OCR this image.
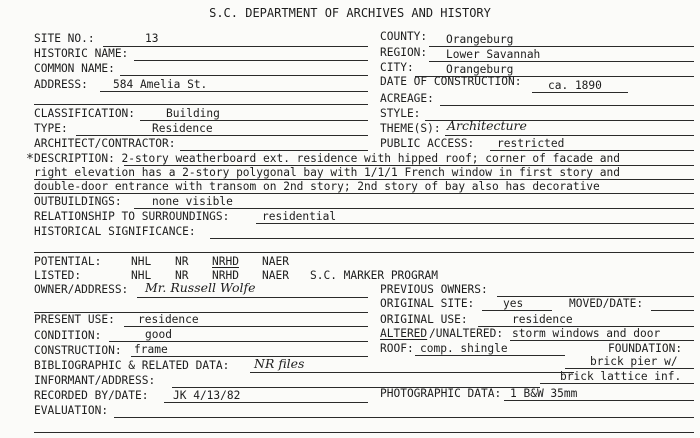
S.C. DEPARTMENT OF ARCHIVES AND HISTORY
SITE NO.:	13
HISTORIC NAME:
COMMON NAME:
ADDRESS: 584 Amelia St.
COUNTY: Orangeburg
REGION: Lower Savannah
CITY:	Orangeburg
DATE OF CONSTRUCTION: ca. 1890
ACREAGE:
CLASSIFICATION:	Building
TYPE:	Residence
ARCHITECT/CONTRACTOR:
STYLE:
THEME(S): Architecture
PUBLIC ACCESS: restricted
* DESCRIPTION: 2-story weatherboard ext. residence with hipped roof; corner of facade and
right elevation has a 2-story polygonal bay with 1/1/1 French window in first story and
double-door entrance with transom on 2nd story; 2nd story of bay also has decorative
OUTBUILDINGS:	none visible
RELATIONSHIP TO SURROUNDINGS:	residential
HISTORICAL SIGNIFICANCE:
POTENTIAL:	NHL NR NRHD NAER
LISTED:	NHL NR NRHD NAER S.C. MARKER PROGRAM
OWNER/ADDRESS: Mr. Russell Wolfe	PREVIOUS OWNERS:
ORIGINAL SITE:	yes	MOVED/DATE:
PRESENT USE: residence	ORIGINAL USE:	residence
CONDITION:	good	ALTERED /UNALTERED: storm windows and door
CONSTRUCTION: frame	ROOF: comp. shingle	FOUNDATION:
brick pier w/
brick lattice inf.
BIBLIOGRAPHIC & RELATED DATA: NR files
INFORMANT/ADDRESS:
RECORDED BY/DATE: JK 4/13/82	PHOTOGRAPHIC DATA: 1 B&W 35mm
EVALUATION:
